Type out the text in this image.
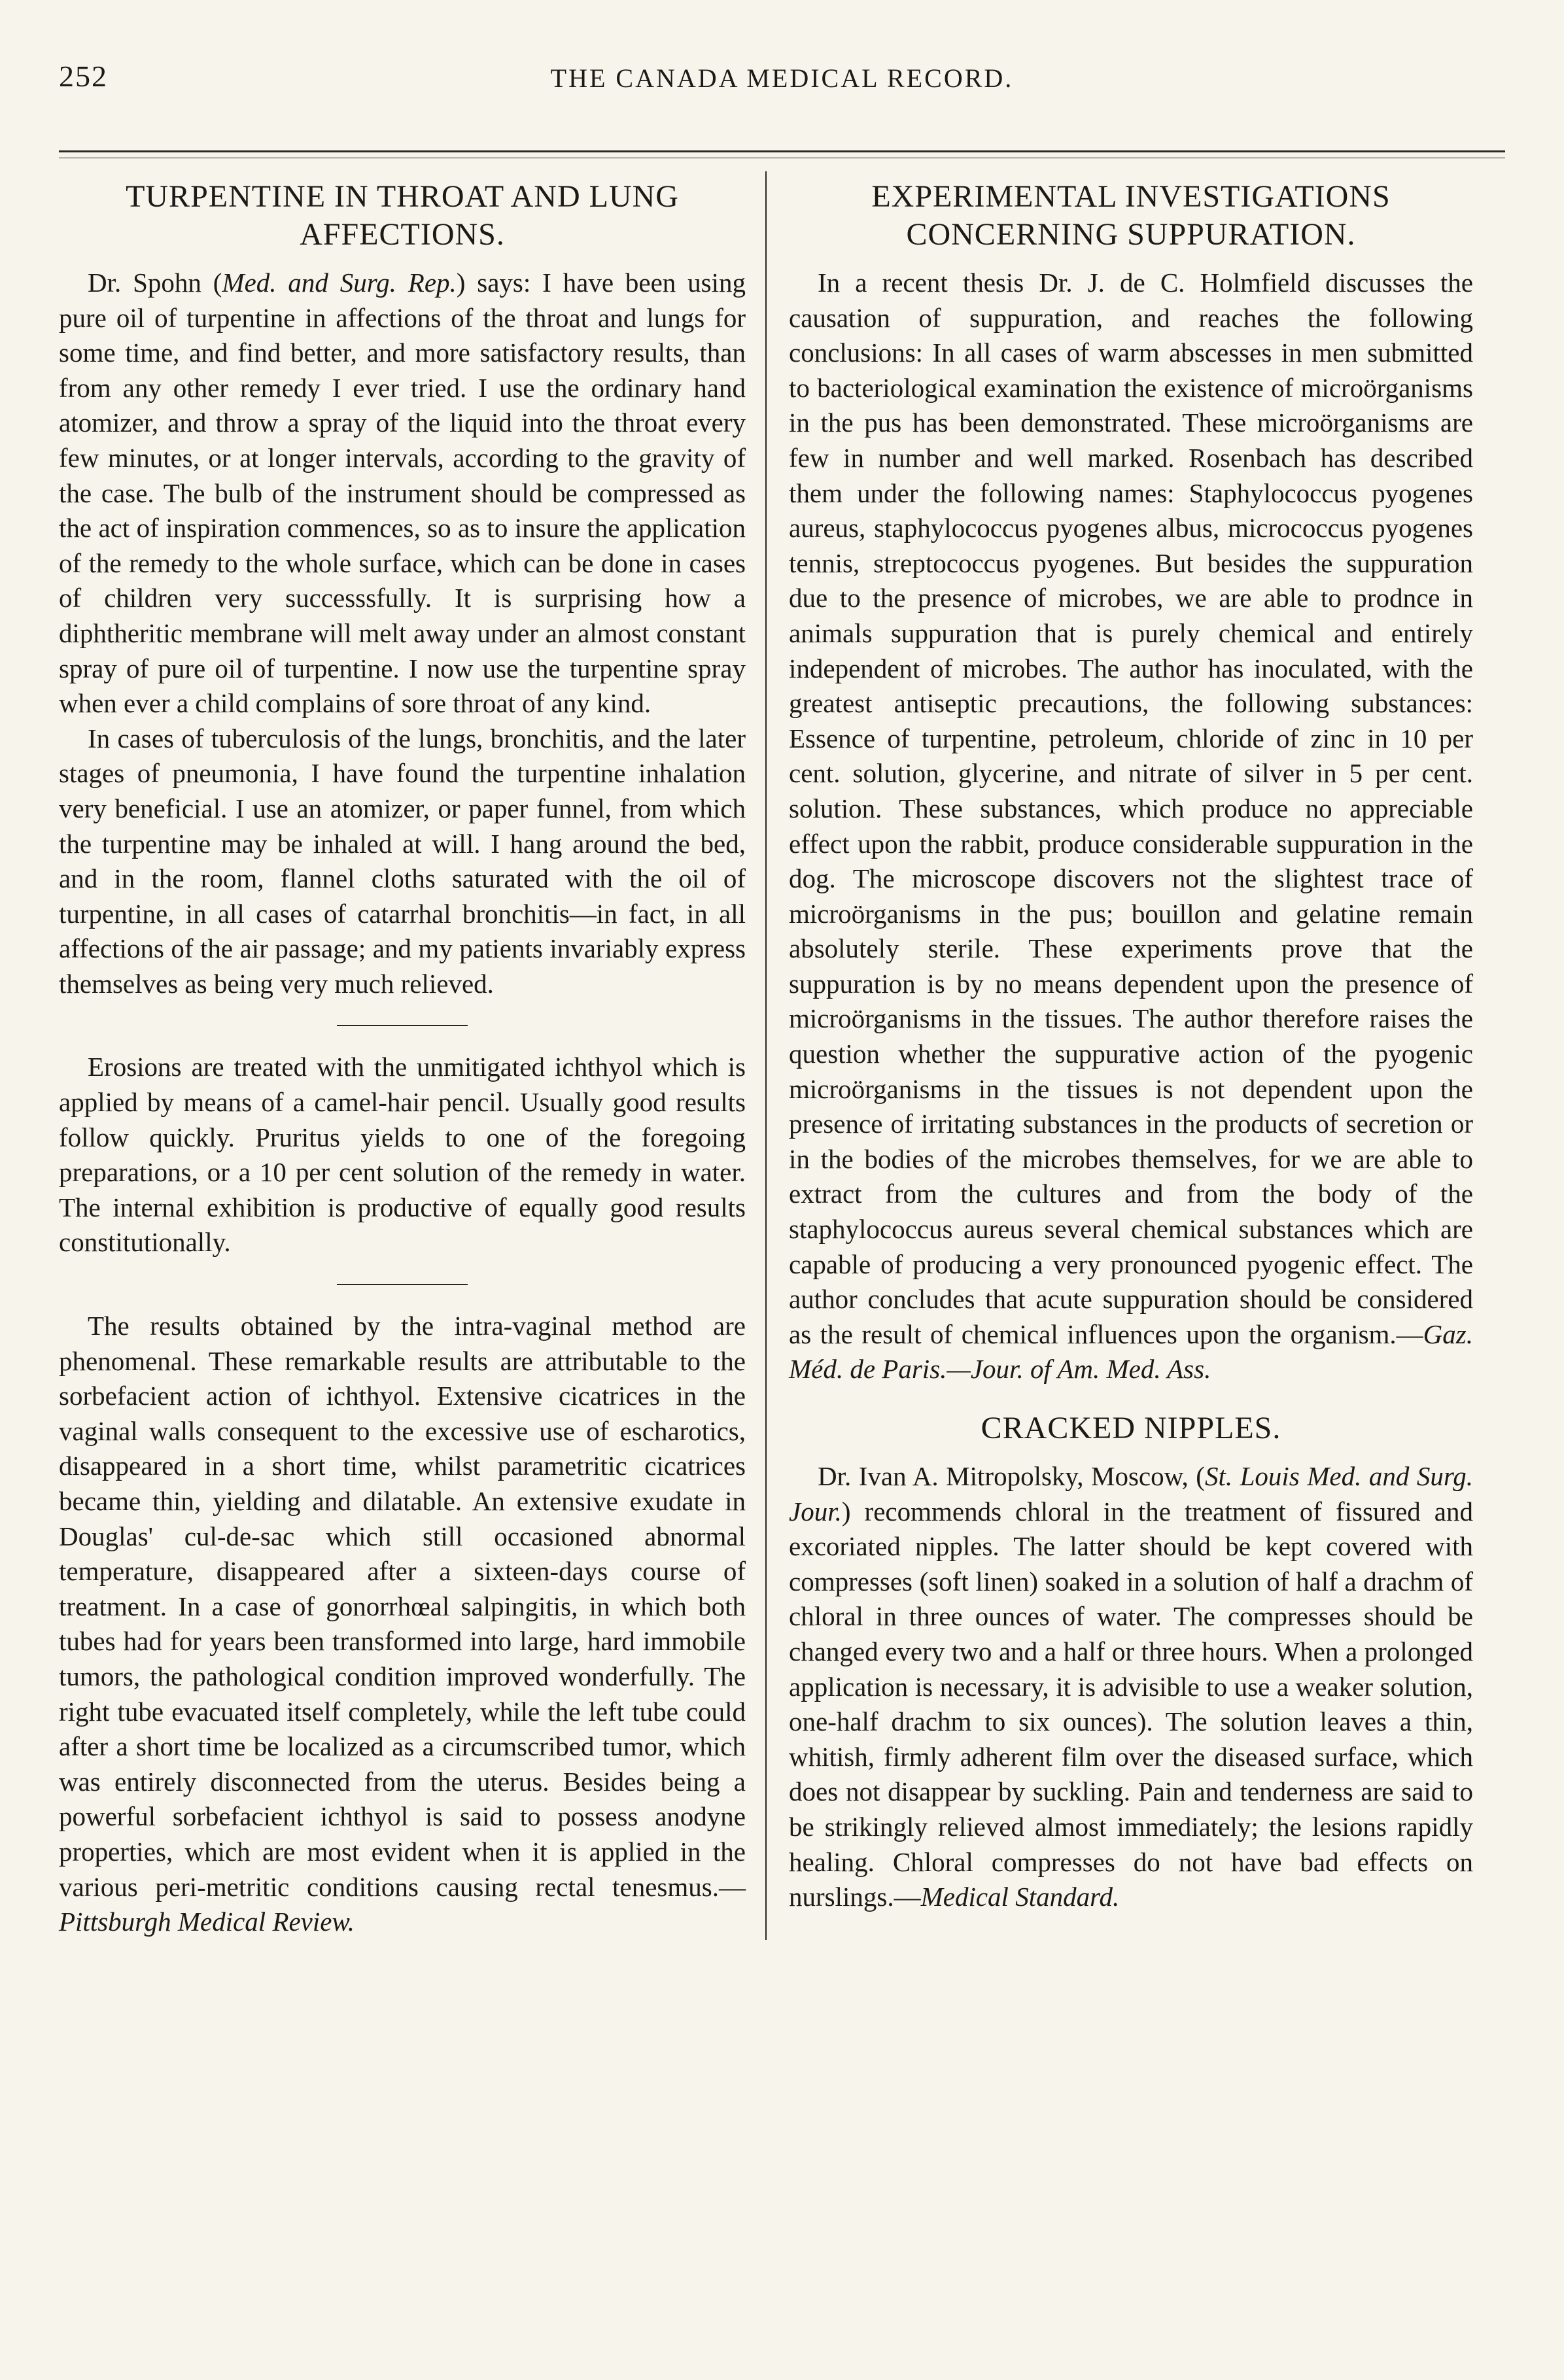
252	THE CANADA MEDICAL RECORD.
TURPENTINE IN THROAT AND LUNG AFFECTIONS.

Dr. Spohn (Med. and Surg. Rep.) says: I have been using pure oil of turpentine in affections of the throat and lungs for some time, and find better, and more satisfactory results, than from any other remedy I ever tried. I use the ordinary hand atomizer, and throw a spray of the liquid into the throat every few minutes, or at longer intervals, according to the gravity of the case. The bulb of the instrument should be compressed as the act of inspiration commences, so as to insure the application of the remedy to the whole surface, which can be done in cases of children very successsfully. It is surprising how a diphtheritic membrane will melt away under an almost constant spray of pure oil of turpentine. I now use the turpentine spray when ever a child complains of sore throat of any kind.

In cases of tuberculosis of the lungs, bronchitis, and the later stages of pneumonia, I have found the turpentine inhalation very beneficial. I use an atomizer, or paper funnel, from which the turpentine may be inhaled at will. I hang around the bed, and in the room, flannel cloths saturated with the oil of turpentine, in all cases of catarrhal bronchitis—in fact, in all affections of the air passage; and my patients invariably express themselves as being very much relieved.

Erosions are treated with the unmitigated ichthyol which is applied by means of a camel-hair pencil. Usually good results follow quickly. Pruritus yields to one of the foregoing preparations, or a 10 per cent solution of the remedy in water. The internal exhibition is productive of equally good results constitutionally.

The results obtained by the intra-vaginal method are phenomenal. These remarkable results are attributable to the sorbefacient action of ichthyol. Extensive cicatrices in the vaginal walls consequent to the excessive use of escharotics, disappeared in a short time, whilst parametritic cicatrices became thin, yielding and dilatable. An extensive exudate in Douglas' cul-de-sac which still occasioned abnormal temperature, disappeared after a sixteen-days course of treatment. In a case of gonorrhœal salpingitis, in which both tubes had for years been transformed into large, hard immobile tumors, the pathological condition improved wonderfully. The right tube evacuated itself completely, while the left tube could after a short time be localized as a circumscribed tumor, which was entirely disconnected from the uterus. Besides being a powerful sorbefacient ichthyol is said to possess anodyne properties, which are most evident when it is applied in the various peri-metritic conditions causing rectal tenesmus.—Pittsburgh Medical Review.

EXPERIMENTAL INVESTIGATIONS CONCERNING SUPPURATION.

In a recent thesis Dr. J. de C. Holmfield discusses the causation of suppuration, and reaches the following conclusions: In all cases of warm abscesses in men submitted to bacteriological examination the existence of microörganisms in the pus has been demonstrated. These microörganisms are few in number and well marked. Rosenbach has described them under the following names: Staphylococcus pyogenes aureus, staphylococcus pyogenes albus, micrococcus pyogenes tennis, streptococcus pyogenes. But besides the suppuration due to the presence of microbes, we are able to prodnce in animals suppuration that is purely chemical and entirely independent of microbes. The author has inoculated, with the greatest antiseptic precautions, the following substances: Essence of turpentine, petroleum, chloride of zinc in 10 per cent. solution, glycerine, and nitrate of silver in 5 per cent. solution. These substances, which produce no appreciable effect upon the rabbit, produce considerable suppuration in the dog. The microscope discovers not the slightest trace of microörganisms in the pus; bouillon and gelatine remain absolutely sterile. These experiments prove that the suppuration is by no means dependent upon the presence of microörganisms in the tissues. The author therefore raises the question whether the suppurative action of the pyogenic microörganisms in the tissues is not dependent upon the presence of irritating substances in the products of secretion or in the bodies of the microbes themselves, for we are able to extract from the cultures and from the body of the staphylococcus aureus several chemical substances which are capable of producing a very pronounced pyogenic effect. The author concludes that acute suppuration should be considered as the result of chemical influences upon the organism.—Gaz. Méd. de Paris.—Jour. of Am. Med. Ass.

CRACKED NIPPLES.

Dr. Ivan A. Mitropolsky, Moscow, (St. Louis Med. and Surg. Jour.) recommends chloral in the treatment of fissured and excoriated nipples. The latter should be kept covered with compresses (soft linen) soaked in a solution of half a drachm of chloral in three ounces of water. The compresses should be changed every two and a half or three hours. When a prolonged application is necessary, it is advisible to use a weaker solution, one-half drachm to six ounces). The solution leaves a thin, whitish, firmly adherent film over the diseased surface, which does not disappear by suckling. Pain and tenderness are said to be strikingly relieved almost immediately; the lesions rapidly healing. Chloral compresses do not have bad effects on nurslings.—Medical Standard.
